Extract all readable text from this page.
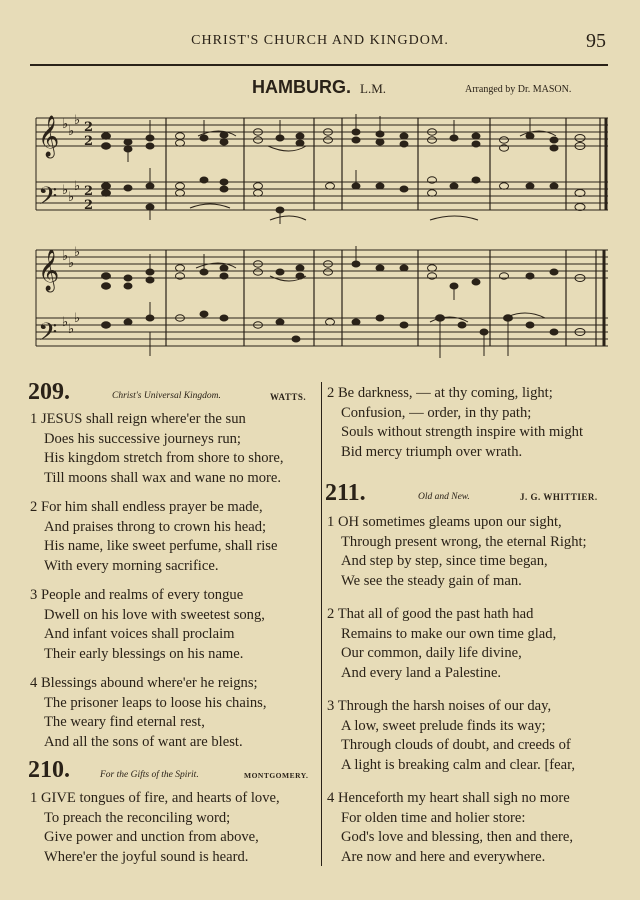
CHRIST'S CHURCH AND KINGDOM.	95
HAMBURG. L.M.	Arranged by Dr. MASON.
𝄞
𝄢
𝄞
𝄢
♭ ♭
♭
♭ ♭
♭
♭ ♭
♭
♭ ♭
♭
2
2
2
2
209.	Christ's Universal Kingdom.	WATTS.
1 JESUS shall reign where'er the sun
Does his successive journeys run;
His kingdom stretch from shore to shore,
Till moons shall wax and wane no more.
2 For him shall endless prayer be made,
And praises throng to crown his head;
His name, like sweet perfume, shall rise
With every morning sacrifice.
3 People and realms of every tongue
Dwell on his love with sweetest song,
And infant voices shall proclaim
Their early blessings on his name.
4 Blessings abound where'er he reigns;
The prisoner leaps to loose his chains,
The weary find eternal rest,
And all the sons of want are blest.
210.	For the Gifts of the Spirit.	MONTGOMERY.
1 GIVE tongues of fire, and hearts of love,
To preach the reconciling word;
Give power and unction from above,
Where'er the joyful sound is heard.
2 Be darkness, — at thy coming, light;
Confusion, — order, in thy path;
Souls without strength inspire with might
Bid mercy triumph over wrath.
211.	Old and New.	J. G. WHITTIER.
1 OH sometimes gleams upon our sight,
Through present wrong, the eternal Right;
And step by step, since time began,
We see the steady gain of man.
2 That all of good the past hath had
Remains to make our own time glad,
Our common, daily life divine,
And every land a Palestine.
3 Through the harsh noises of our day,
A low, sweet prelude finds its way;
Through clouds of doubt, and creeds of
A light is breaking calm and clear. [fear,
4 Henceforth my heart shall sigh no more
For olden time and holier store:
God's love and blessing, then and there,
Are now and here and everywhere.
